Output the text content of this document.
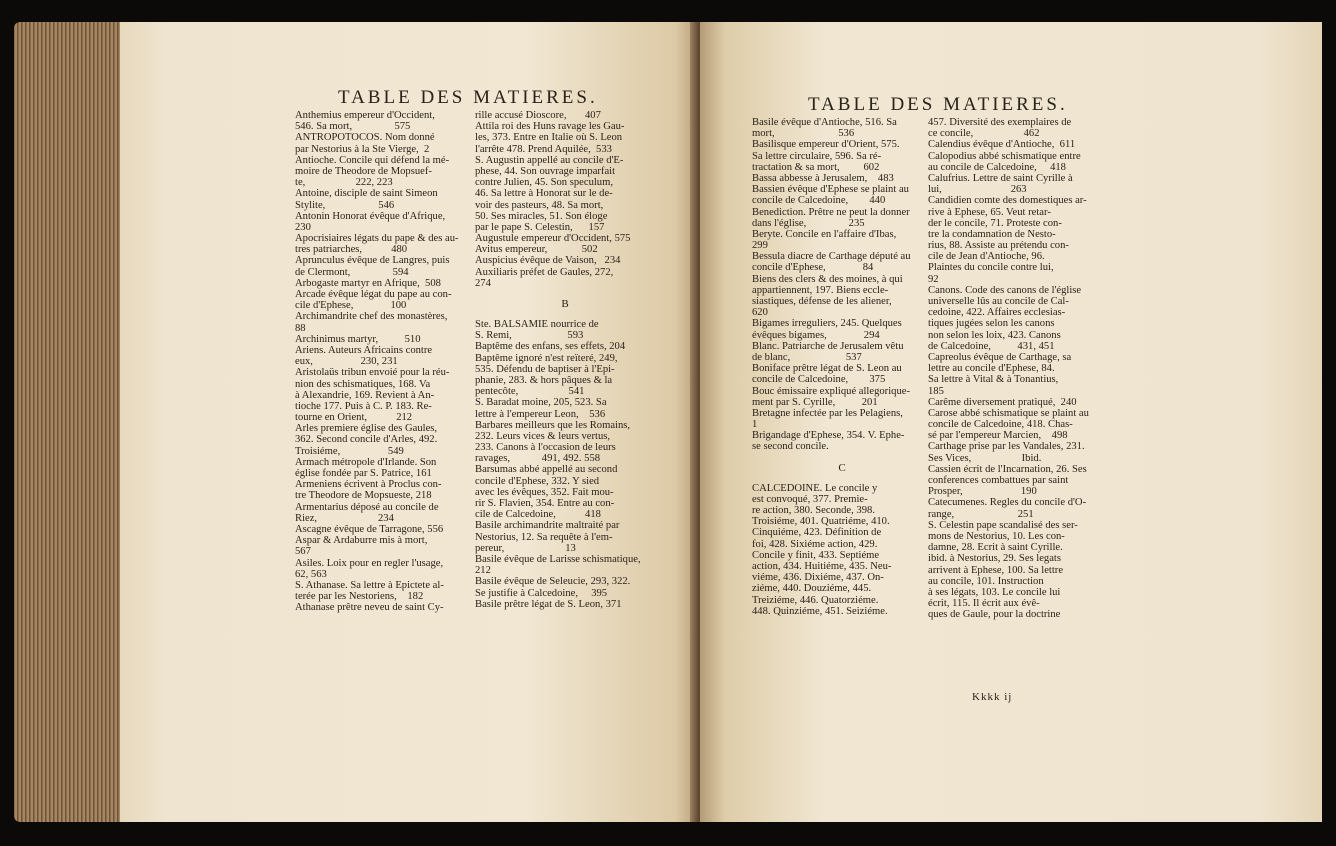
TABLE DES MATIERES.
Anthemius empereur d'Occident,
546. Sa mort,                575
ANTROPOTOCOS. Nom donné
par Nestorius à la Ste Vierge,  2
Antioche. Concile qui défend la mé-
moire de Theodore de Mopsuef-
te,                   222, 223
Antoine, disciple de saint Simeon
Stylite,                    546
Antonin Honorat évêque d'Afrique,
230
Apocrisiaires légats du pape & des au-
tres patriarches,           480
Aprunculus évêque de Langres, puis
de Clermont,                594
Arbogaste martyr en Afrique,  508
Arcade évêque légat du pape au con-
cile d'Ephese,              100
Archimandrite chef des monastères,
88
Archinimus martyr,          510
Ariens. Auteurs Africains contre
eux,                  230, 231
Aristolaüs tribun envoié pour la réu-
nion des schismatiques, 168. Va
à Alexandrie, 169. Revient à An-
tioche 177. Puis à C. P. 183. Re-
tourne en Orient,           212
Arles premiere église des Gaules,
362. Second concile d'Arles, 492.
Troisiéme,                  549
Armach métropole d'Irlande. Son
église fondée par S. Patrice, 161
Armeniens écrivent à Proclus con-
tre Theodore de Mopsueste, 218
Armentarius déposé au concile de
Riez,                       234
Ascagne évêque de Tarragone, 556
Aspar & Ardaburre mis à mort,
567
Asiles. Loix pour en regler l'usage,
62, 563
S. Athanase. Sa lettre à Epictete al-
terée par les Nestoriens,    182
Athanase prêtre neveu de saint Cy-
rille accusé Dioscore,       407
Attila roi des Huns ravage les Gau-
les, 373. Entre en Italie où S. Leon
l'arrête 478. Prend Aquilée,  533
S. Augustin appellé au concile d'E-
phese, 44. Son ouvrage imparfait
contre Julien, 45. Son speculum,
46. Sa lettre à Honorat sur le de-
voir des pasteurs, 48. Sa mort,
50. Ses miracles, 51. Son éloge
par le pape S. Celestin,      157
Augustule empereur d'Occident, 575
Avitus empereur,             502
Auspicius évêque de Vaison,   234
Auxiliaris préfet de Gaules, 272,
274
B
Ste. BALSAMIE nourrice de
S. Remi,                     593
Baptême des enfans, ses effets, 204
Baptême ignoré n'est reïteré, 249,
535. Défendu de baptiser à l'Epi-
phanie, 283. & hors pâques & la
pentecôte,                   541
S. Baradat moine, 205, 523. Sa
lettre à l'empereur Leon,    536
Barbares meilleurs que les Romains,
232. Leurs vices & leurs vertus,
233. Canons à l'occasion de leurs
ravages,            491, 492. 558
Barsumas abbé appellé au second
concile d'Ephese, 332. Y sied
avec les évêques, 352. Fait mou-
rir S. Flavien, 354. Entre au con-
cile de Calcedoine,           418
Basile archimandrite maltraité par
Nestorius, 12. Sa requête à l'em-
pereur,                       13
Basile évêque de Larisse schismatique,
212
Basile évêque de Seleucie, 293, 322.
Se justifie à Calcedoine,     395
Basile prêtre légat de S. Leon, 371
TABLE DES MATIERES.
Basile évêque d'Antioche, 516. Sa
mort,                        536
Basilisque empereur d'Orient, 575.
Sa lettre circulaire, 596. Sa ré-
tractation & sa mort,         602
Bassa abbesse à Jerusalem,    483
Bassien évêque d'Ephese se plaint au
concile de Calcedoine,        440
Benediction. Prêtre ne peut la donner
dans l'église,                235
Beryte. Concile en l'affaire d'Ibas,
299
Bessula diacre de Carthage député au
concile d'Ephese,              84
Biens des clers & des moines, à qui
appartiennent, 197. Biens eccle-
siastiques, défense de les aliener,
620
Bigames irreguliers, 245. Quelques
évêques bigames,              294
Blanc. Patriarche de Jerusalem vêtu
de blanc,                     537
Boniface prêtre légat de S. Leon au
concile de Calcedoine,        375
Bouc émissaire expliqué allegorique-
ment par S. Cyrille,          201
Bretagne infectée par les Pelagiens,
1
Brigandage d'Ephese, 354. V. Ephe-
se second concile.
C
CALCEDOINE. Le concile y
est convoqué, 377. Premie-
re action, 380. Seconde, 398.
Troisiéme, 401. Quatriéme, 410.
Cinquiéme, 423. Définition de
foi, 428. Sixiéme action, 429.
Concile y finit, 433. Septiéme
action, 434. Huitiéme, 435. Neu-
viéme, 436. Dixiéme, 437. On-
ziéme, 440. Douziéme, 445.
Treiziéme, 446. Quatorziéme.
448. Quinziéme, 451. Seiziéme.
457. Diversité des exemplaires de
ce concile,                   462
Calendius évêque d'Antioche,  611
Calopodius abbé schismatique entre
au concile de Calcedoine,     418
Calufrius. Lettre de saint Cyrille à
lui,                          263
Candidien comte des domestiques ar-
rive à Ephese, 65. Veut retar-
der le concile, 71. Proteste con-
tre la condamnation de Nesto-
rius, 88. Assiste au prétendu con-
cile de Jean d'Antioche, 96.
Plaintes du concile contre lui,
92
Canons. Code des canons de l'église
universelle lûs au concile de Cal-
cedoine, 422. Affaires ecclesias-
tiques jugées selon les canons
non selon les loix, 423. Canons
de Calcedoine,          431, 451
Capreolus évêque de Carthage, sa
lettre au concile d'Ephese, 84.
Sa lettre à Vital & à Tonantius,
185
Carême diversement pratiqué,  240
Carose abbé schismatique se plaint au
concile de Calcedoine, 418. Chas-
sé par l'empereur Marcien,    498
Carthage prise par les Vandales, 231.
Ses Vices,                   Ibid.
Cassien écrit de l'Incarnation, 26. Ses
conferences combattues par saint
Prosper,                      190
Catecumenes. Regles du concile d'O-
range,                        251
S. Celestin pape scandalisé des ser-
mons de Nestorius, 10. Les con-
damne, 28. Ecrit à saint Cyrille.
ibid. à Nestorius, 29. Ses legats
arrivent à Ephese, 100. Sa lettre
au concile, 101. Instruction
à ses légats, 103. Le concile lui
écrit, 115. Il écrit aux évê-
ques de Gaule, pour la doctrine
Kkkk ij
